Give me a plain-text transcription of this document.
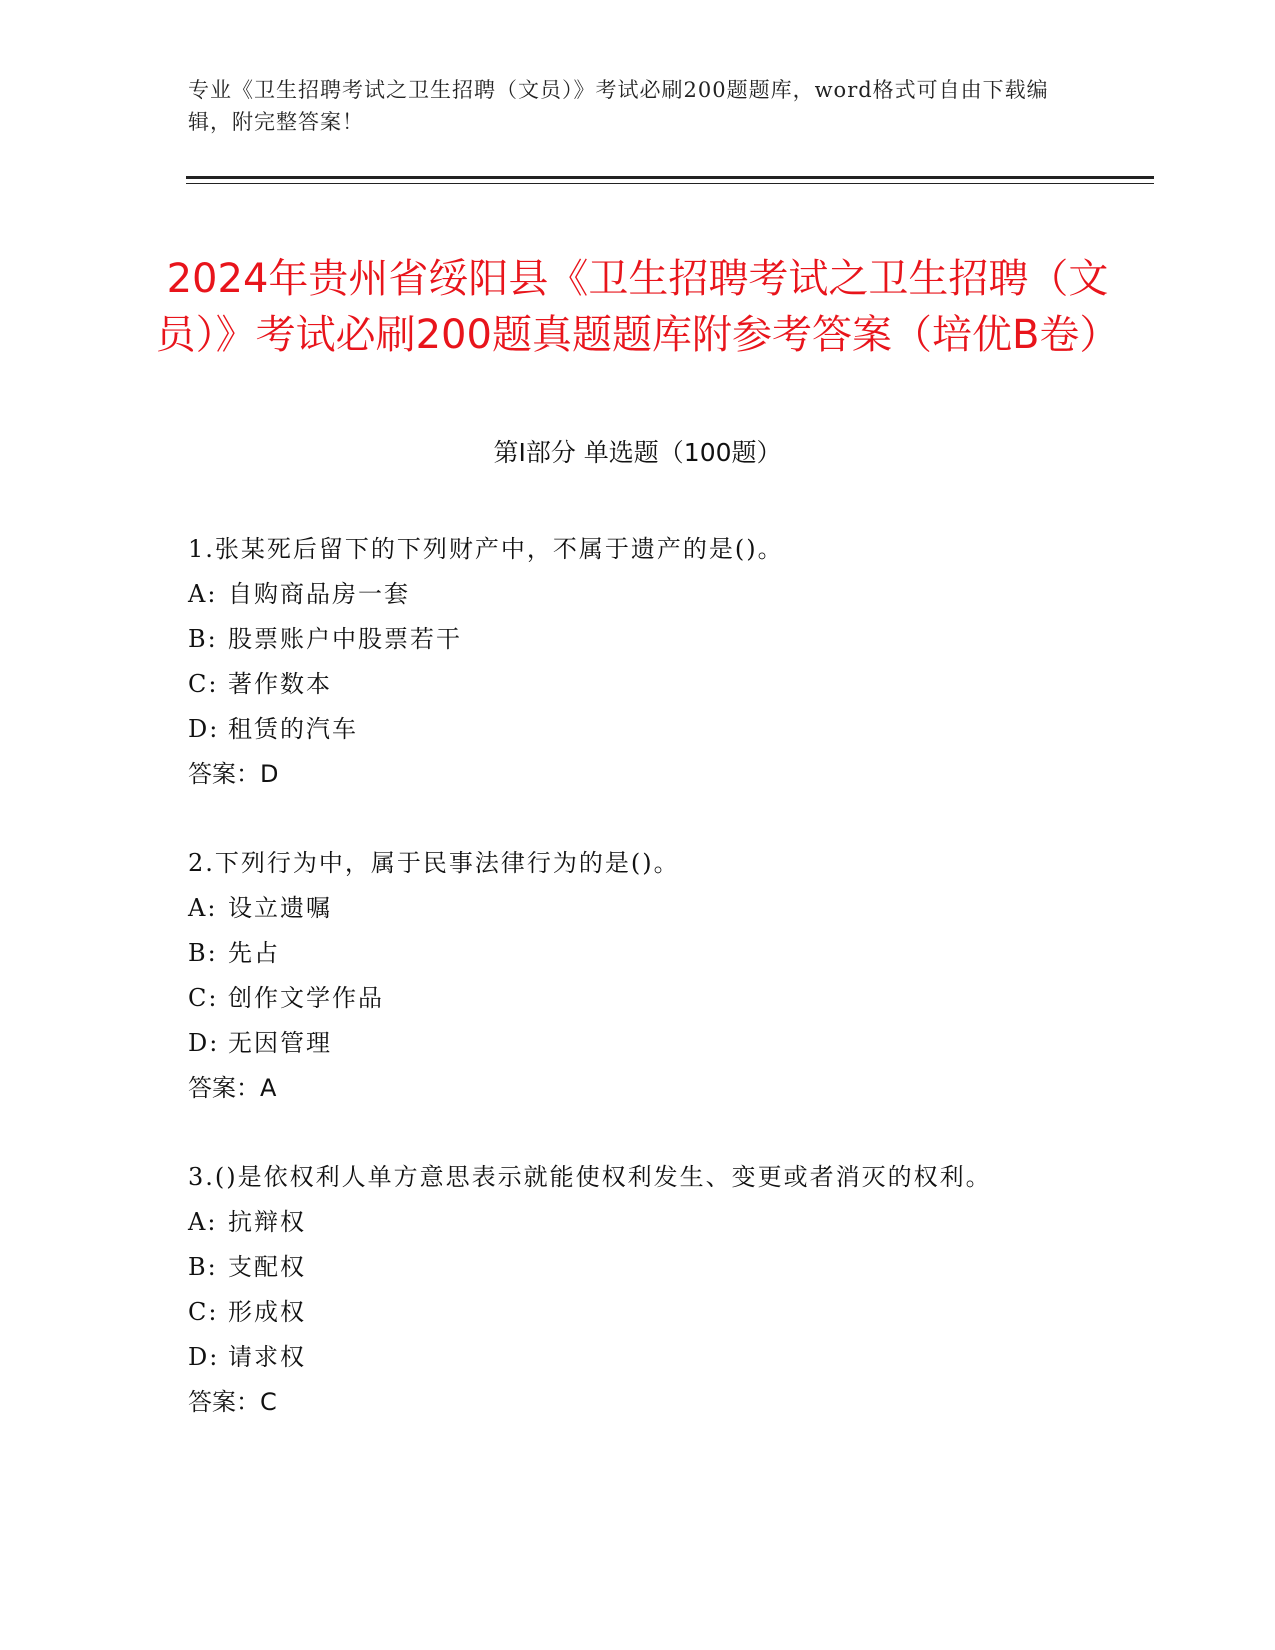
专业《卫生招聘考试之卫生招聘（文员）》考试必刷200题题库，word格式可自由下载编辑，附完整答案！
2024年贵州省绥阳县《卫生招聘考试之卫生招聘（文员）》考试必刷200题真题题库附参考答案（培优B卷）
第Ⅰ部分 单选题（100题）
1.张某死后留下的下列财产中，不属于遗产的是()。
A: 自购商品房一套
B: 股票账户中股票若干
C: 著作数本
D: 租赁的汽车
答案：D
2.下列行为中，属于民事法律行为的是()。
A: 设立遗嘱
B: 先占
C: 创作文学作品
D: 无因管理
答案：A
3.()是依权利人单方意思表示就能使权利发生、变更或者消灭的权利。
A: 抗辩权
B: 支配权
C: 形成权
D: 请求权
答案：C
